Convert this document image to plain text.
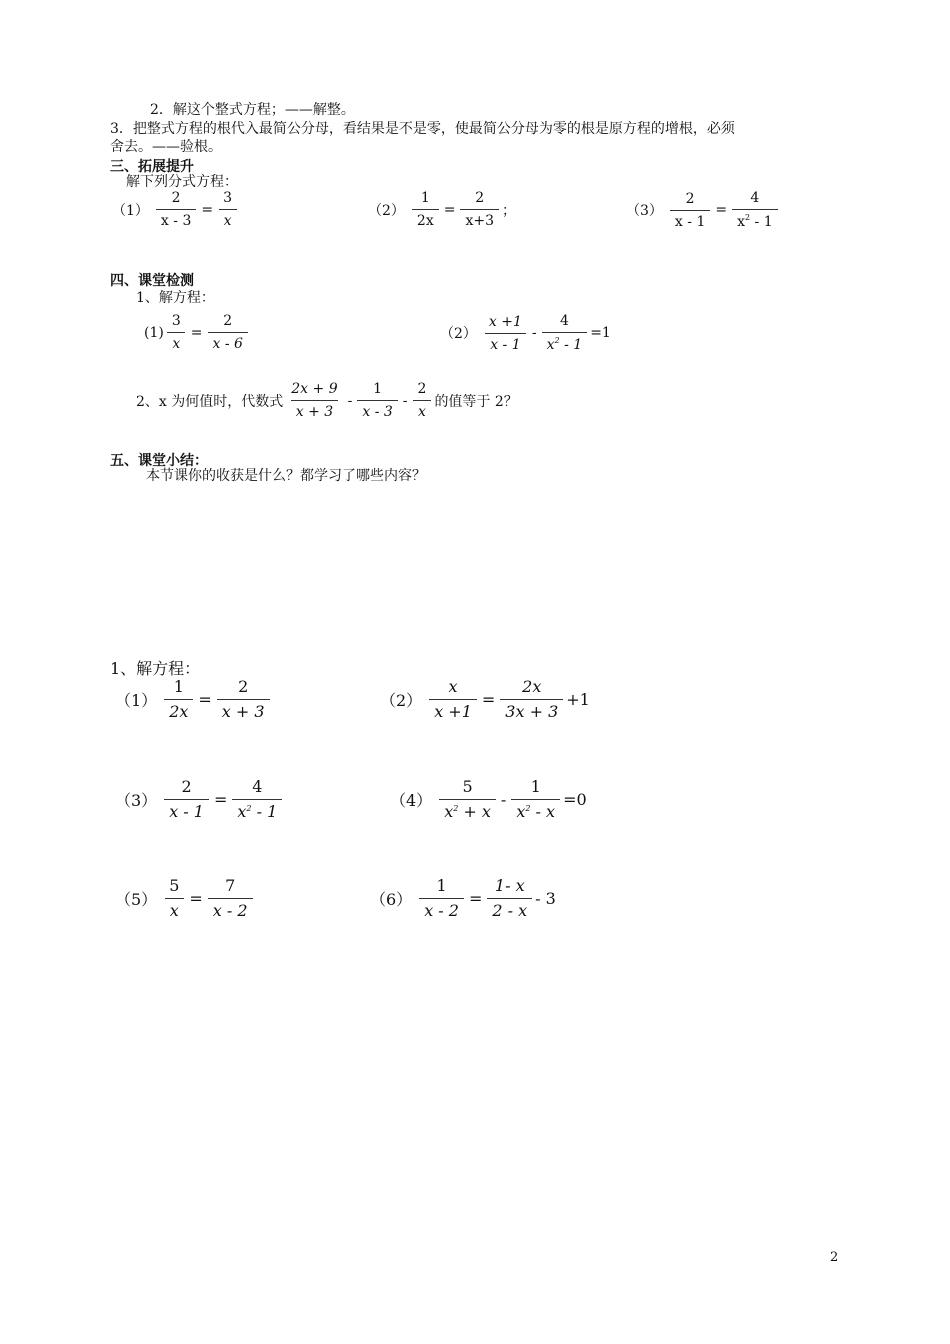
2．解这个整式方程；——解整。
3．把整式方程的根代入最简公分母，看结果是不是零，使最简公分母为零的根是原方程的增根，必须
舍去。——验根。
三、拓展提升
解下列分式方程：
$(1) \frac{2}{x - 3} = \frac{3}{x}$	$(2) \frac{1}{2x} = \frac{2}{x+3}$ ；	$(3) \frac{2}{x - 1} = \frac{4}{x^2 - 1}$
四、课堂检测
1、解方程：
$(1) \frac{3}{x} = \frac{2}{x - 6}$	$(2) \frac{x +1}{x - 1} - \frac{4}{x^2 - 1} =1$
2、x 为何值时，代数式 $\frac{2x + 9}{x + 3} - \frac{1}{x - 3} - \frac{2}{x}$ 的值等于 2？
五、课堂小结：
本节课你的收获是什么？都学习了哪些内容？
1、解方程：
$(1) \frac{1}{2x} = \frac{2}{x + 3}$	$(2) \frac{x}{x +1} = \frac{2x}{3x + 3} +1$
$(3) \frac{2}{x - 1} = \frac{4}{x^2 - 1}$	$(4) \frac{5}{x^2 + x} - \frac{1}{x^2 - x} =0$
$(5) \frac{5}{x} = \frac{7}{x - 2}$	$(6) \frac{1}{x - 2} = \frac{1- x}{2 - x} - 3$
2
